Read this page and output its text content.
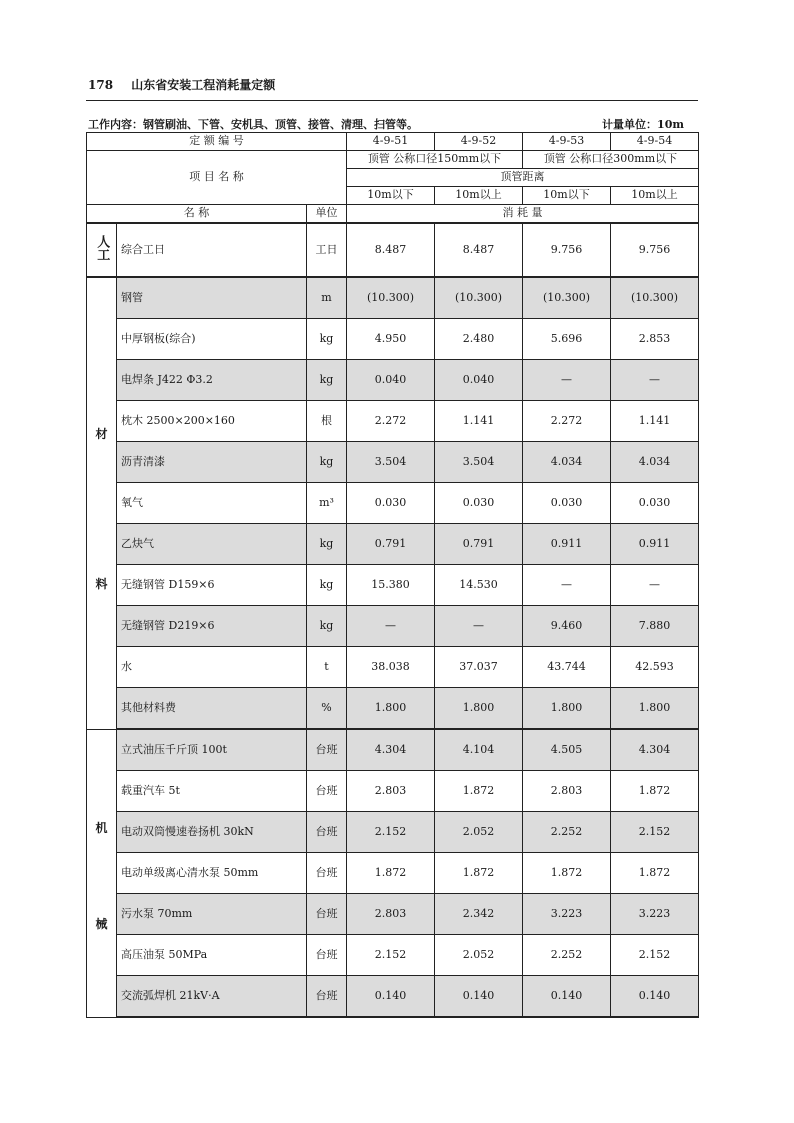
178 山东省安装工程消耗量定额
工作内容：钢管刷油、下管、安机具、顶管、接管、清理、扫管等。	计量单位：10m
定 额 编 号			4-9-51	4-9-52	4-9-53	4-9-54
项 目 名 称			顶管 公称口径150mm以下		顶管 公称口径300mm以下	
			顶管距离			
			10m以下	10m以上	10m以下	10m以上
名 称		单位	消 耗 量			
人工	综合工日	工日	8.487	8.487	9.756	9.756

材
料	钢管	m	(10.300)	(10.300)	(10.300)	(10.300)
	中厚钢板(综合)	kg	4.950	2.480	5.696	2.853
	电焊条 J422 Φ3.2	kg	0.040	0.040	—	—
	枕木 2500×200×160	根	2.272	1.141	2.272	1.141
	沥青清漆	kg	3.504	3.504	4.034	4.034
	氧气	m³	0.030	0.030	0.030	0.030
	乙炔气	kg	0.791	0.791	0.911	0.911
	无缝钢管 D159×6	kg	15.380	14.530	—	—
	无缝钢管 D219×6	kg	—	—	9.460	7.880
	水	t	38.038	37.037	43.744	42.593
	其他材料费	%	1.800	1.800	1.800	1.800

机
械	立式油压千斤顶 100t	台班	4.304	4.104	4.505	4.304
	载重汽车 5t	台班	2.803	1.872	2.803	1.872
	电动双筒慢速卷扬机 30kN	台班	2.152	2.052	2.252	2.152
	电动单级离心清水泵 50mm	台班	1.872	1.872	1.872	1.872
	污水泵 70mm	台班	2.803	2.342	3.223	3.223
	高压油泵 50MPa	台班	2.152	2.052	2.252	2.152
	交流弧焊机 21kV·A	台班	0.140	0.140	0.140	0.140
